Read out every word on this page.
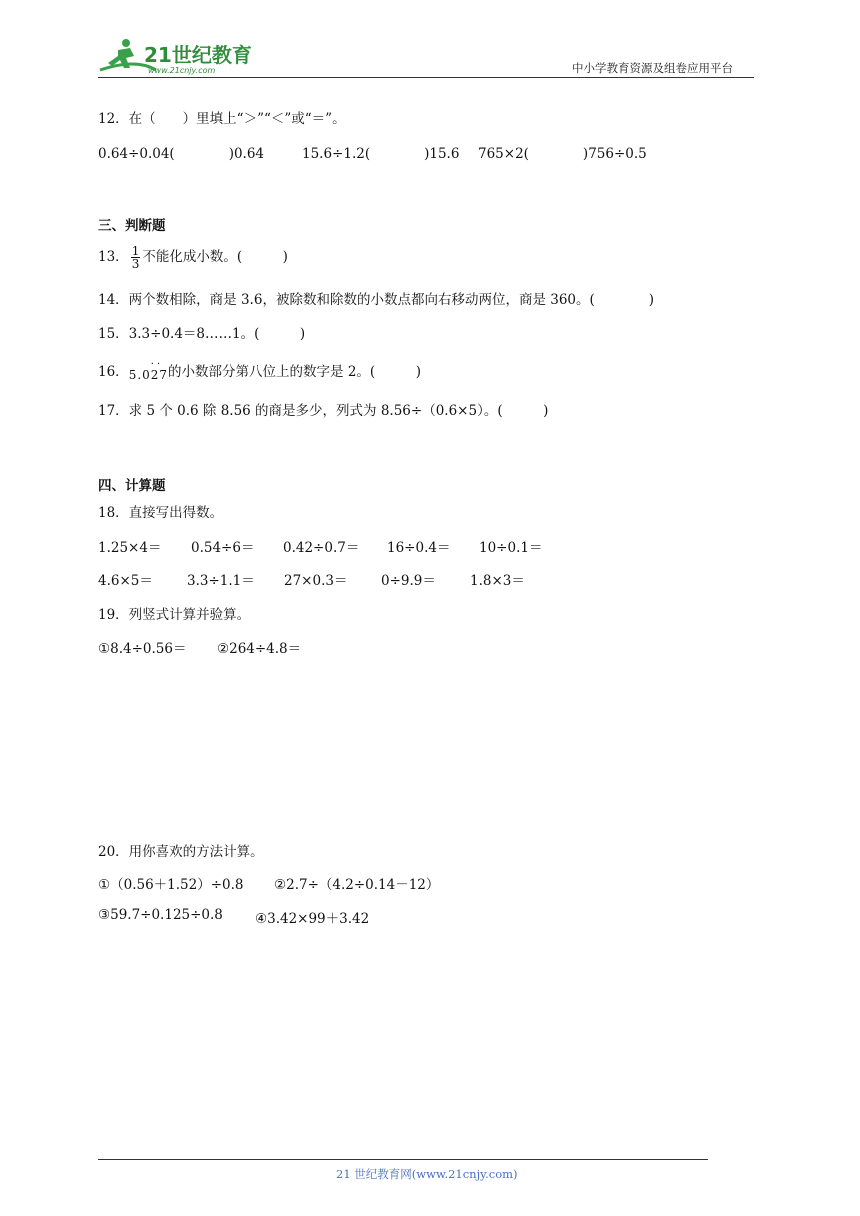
21世纪教育
www.21cnjy.com	中小学教育资源及组卷应用平台
12．在（　　）里填上“＞”“＜”或“＝”。
0.64÷0.04(　　　　)0.64	15.6÷1.2(　　　　)15.6 765×2(　　　　)756÷0.5
三、判断题
13． $\frac{1}{3}$ 不能化成小数。(　　　)
14．两个数相除，商是 3.6，被除数和除数的小数点都向右移动两位，商是 360。(　　　　)
15．3.3÷0.4＝8……1。(　　　)
16．	· ·
5.027的小数部分第八位上的数字是 2。(　　　)
17．求 5 个 0.6 除 8.56 的商是多少，列式为 8.56÷（0.6×5）。(　　　)
四、计算题
18．直接写出得数。
1.25×4＝ 0.54÷6＝ 0.42÷0.7＝ 16÷0.4＝ 10÷0.1＝
4.6×5＝	3.3÷1.1＝ 27×0.3＝ 0÷9.9＝	1.8×3＝
19．列竖式计算并验算。
①8.4÷0.56＝ ②264÷4.8＝
20．用你喜欢的方法计算。
①（0.56＋1.52）÷0.8 ②2.7÷（4.2÷0.14－12）
③59.7÷0.125÷0.8 ④3.42×99＋3.42
21 世纪教育网(www.21cnjy.com)
